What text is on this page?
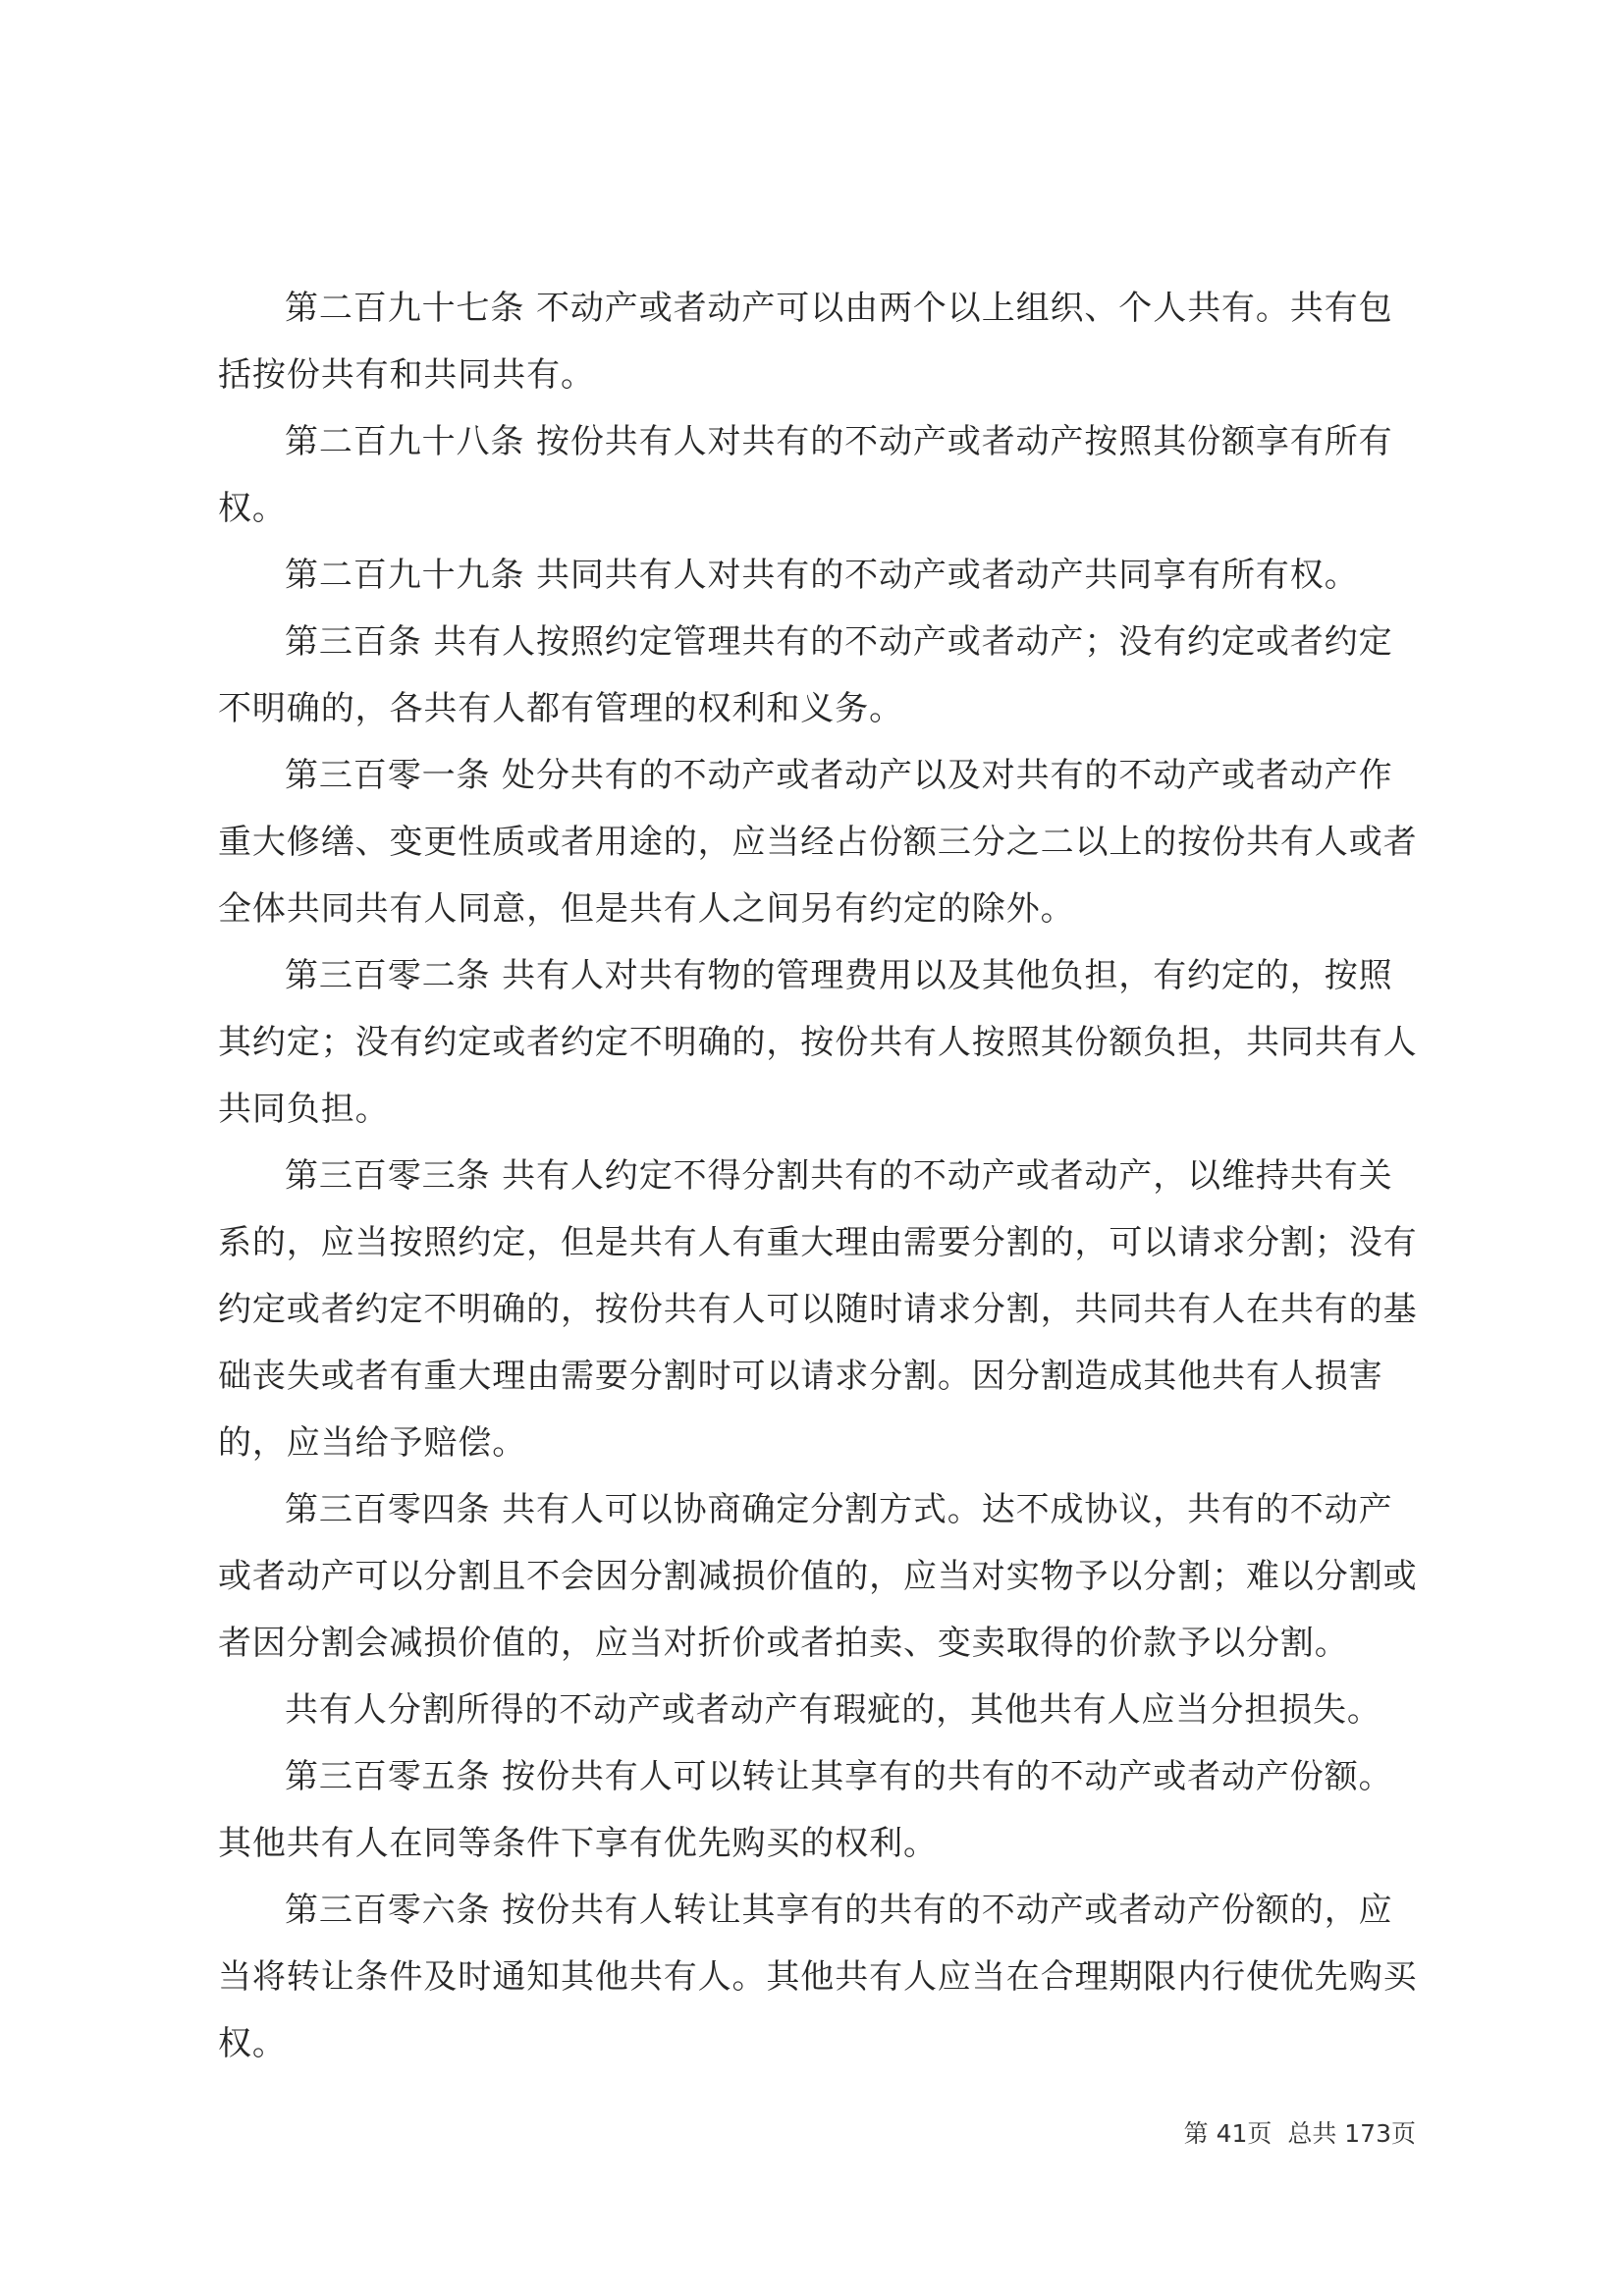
第二百九十七条 不动产或者动产可以由两个以上组织、个人共有。共有包括按份共有和共同共有。

第二百九十八条 按份共有人对共有的不动产或者动产按照其份额享有所有权。

第二百九十九条 共同共有人对共有的不动产或者动产共同享有所有权。

第三百条 共有人按照约定管理共有的不动产或者动产；没有约定或者约定不明确的，各共有人都有管理的权利和义务。

第三百零一条 处分共有的不动产或者动产以及对共有的不动产或者动产作重大修缮、变更性质或者用途的，应当经占份额三分之二以上的按份共有人或者全体共同共有人同意，但是共有人之间另有约定的除外。

第三百零二条 共有人对共有物的管理费用以及其他负担，有约定的，按照其约定；没有约定或者约定不明确的，按份共有人按照其份额负担，共同共有人共同负担。

第三百零三条 共有人约定不得分割共有的不动产或者动产，以维持共有关系的，应当按照约定，但是共有人有重大理由需要分割的，可以请求分割；没有约定或者约定不明确的，按份共有人可以随时请求分割，共同共有人在共有的基础丧失或者有重大理由需要分割时可以请求分割。因分割造成其他共有人损害的，应当给予赔偿。

第三百零四条 共有人可以协商确定分割方式。达不成协议，共有的不动产或者动产可以分割且不会因分割减损价值的，应当对实物予以分割；难以分割或者因分割会减损价值的，应当对折价或者拍卖、变卖取得的价款予以分割。

共有人分割所得的不动产或者动产有瑕疵的，其他共有人应当分担损失。

第三百零五条 按份共有人可以转让其享有的共有的不动产或者动产份额。其他共有人在同等条件下享有优先购买的权利。

第三百零六条 按份共有人转让其享有的共有的不动产或者动产份额的，应当将转让条件及时通知其他共有人。其他共有人应当在合理期限内行使优先购买权。

第 41页  总共 173页
